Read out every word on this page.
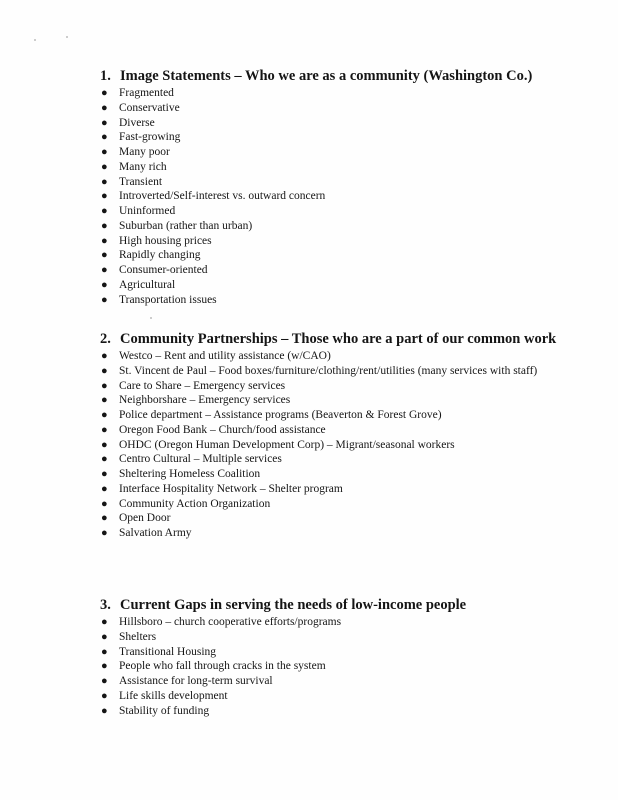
1. Image Statements – Who we are as a community (Washington Co.)
● Fragmented
● Conservative
● Diverse
● Fast-growing
● Many poor
● Many rich
● Transient
● Introverted/Self-interest vs. outward concern
● Uninformed
● Suburban (rather than urban)
● High housing prices
● Rapidly changing
● Consumer-oriented
● Agricultural
● Transportation issues
2. Community Partnerships – Those who are a part of our common work
● Westco – Rent and utility assistance (w/CAO)
● St. Vincent de Paul – Food boxes/furniture/clothing/rent/utilities (many services with staff)
● Care to Share – Emergency services
● Neighborshare – Emergency services
● Police department – Assistance programs (Beaverton & Forest Grove)
● Oregon Food Bank – Church/food assistance
● OHDC (Oregon Human Development Corp) – Migrant/seasonal workers
● Centro Cultural – Multiple services
● Sheltering Homeless Coalition
● Interface Hospitality Network – Shelter program
● Community Action Organization
● Open Door
● Salvation Army
3. Current Gaps in serving the needs of low-income people
● Hillsboro – church cooperative efforts/programs
● Shelters
● Transitional Housing
● People who fall through cracks in the system
● Assistance for long-term survival
● Life skills development
● Stability of funding
